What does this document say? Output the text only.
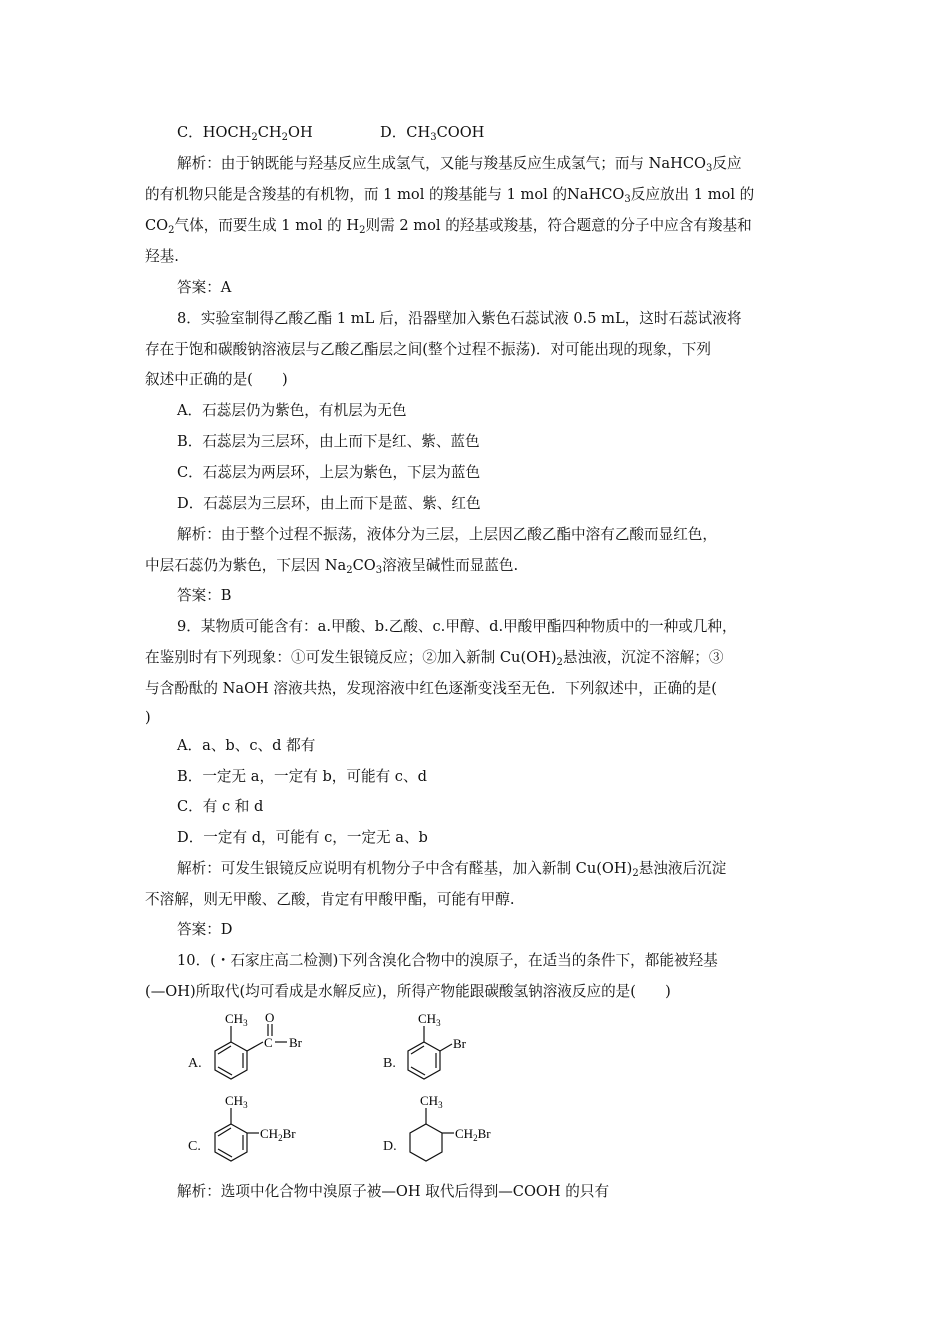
C．$HOCH_2CH_2OH$	D．$CH_3COOH$
解析：由于钠既能与羟基反应生成氢气，又能与羧基反应生成氢气；而与 NaHCO$_3$反应
的有机物只能是含羧基的有机物，而 1 mol 的羧基能与 1 mol 的NaHCO$_3$反应放出 1 mol 的
$CO_2$气体，而要生成 1 mol 的 $H_2$则需 2 mol 的羟基或羧基，符合题意的分子中应含有羧基和
羟基.
答案：A
8．实验室制得乙酸乙酯 1 mL 后，沿器壁加入紫色石蕊试液 0.5 mL，这时石蕊试液将
存在于饱和碳酸钠溶液层与乙酸乙酯层之间(整个过程不振荡)．对可能出现的现象，下列
叙述中正确的是(　　)
A．石蕊层仍为紫色，有机层为无色
B．石蕊层为三层环，由上而下是红、紫、蓝色
C．石蕊层为两层环，上层为紫色，下层为蓝色
D．石蕊层为三层环，由上而下是蓝、紫、红色
解析：由于整个过程不振荡，液体分为三层，上层因乙酸乙酯中溶有乙酸而显红色，
中层石蕊仍为紫色，下层因 $Na_2CO_3$溶液呈碱性而显蓝色.
答案：B
9．某物质可能含有：a.甲酸、b.乙酸、c.甲醇、d.甲酸甲酯四种物质中的一种或几种，
在鉴别时有下列现象：①可发生银镜反应；②加入新制 $Cu(OH)_2$悬浊液，沉淀不溶解；③
与含酚酞的 NaOH 溶液共热，发现溶液中红色逐渐变浅至无色．下列叙述中，正确的是(
)
A．a、b、c、d 都有
B．一定无 a，一定有 b，可能有 c、d
C．有 c 和 d
D．一定有 d，可能有 c，一定无 a、b
解析：可发生银镜反应说明有机物分子中含有醛基，加入新制 $Cu(OH)_2$悬浊液后沉淀
不溶解，则无甲酸、乙酸，肯定有甲酸甲酯，可能有甲醇.
答案：D
10．(・石家庄高二检测)下列含溴化合物中的溴原子，在适当的条件下，都能被羟基
(—OH)所取代(均可看成是水解反应)，所得产物能跟碳酸氢钠溶液反应的是(　　)
A.
$CH_3$ O
C Br
B.
$CH_3$
Br
C.
$CH_3$
$CH_2Br$
D.
$CH_3$
$CH_2Br$
解析：选项中化合物中溴原子被—OH 取代后得到—COOH 的只有
